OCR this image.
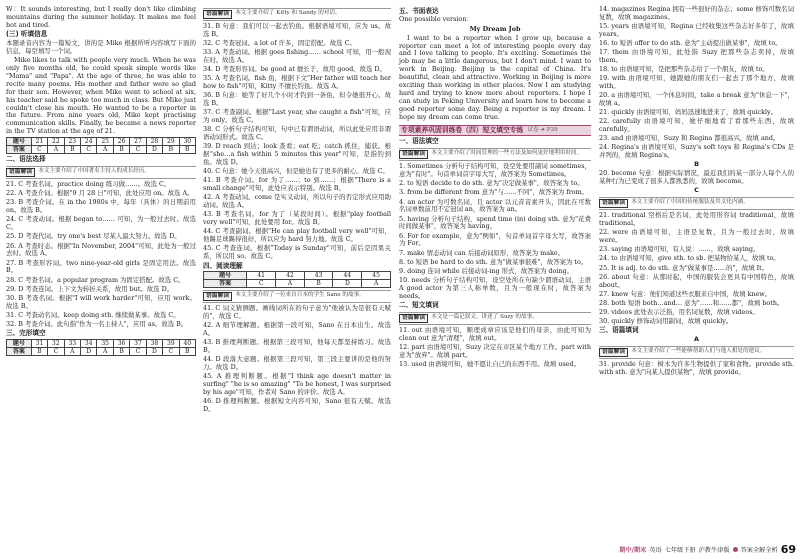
W：It sounds interesting, but I really don't like climbing mountains during the summer holiday. It makes me feel hot and tired.

(三) 听填信息

本题录音内容为一篇短文，讲的是 Mike 根据所听内容填写下面的信息，每空填写一个词。

Mike likes to talk with people very much. When he was only five months old, he could speak simple words like "Mama" and "Papa". At the age of three, he was able to recite many poems. His mother and father were so glad for their son. However, when Mike went to school at six, his teacher said he spoke too much in class. But Mike just couldn't close his mouth. He wanted to be a reporter in the future. From nine years old, Mike kept practising communication skills. Finally, he became a news reporter in the TV station at the age of 21.

题号	21	22	23	24	25	26	27	28	29	30
答案	C	A	B	C	A	B	C	D	B	B
二、语法选择
语篇解读	本文主要介绍了中国著名主持人的成长经历。

21. C 考查名词。practice doing 练习做……。故选 C。

22. A 考查介词。根据"9 月 28 日"可知，此处应用 on。故选 A。

23. B 考查介词。在 in the 1980s 中，每年（具体）的日期前用 on。故选 B。

24. C 考查动词。根据 began to…… 可知，为一般过去时。故选 C。

25. D 考查代词。try one's best 尽某人最大努力。故选 D。

26. A 考查时态。根据"In November, 2004"可知，此处为一般过去时。故选 A。

27. B 考查形容词。two nine-year-old girls 是固定用法。故选 B。

28. C 考查名词。a popular program 为固定搭配。故选 C。

29. D 考查连词。上下文为转折关系，故用 but。故选 D。

30. B 考查名词。根据"I will work harder"可知，应用 work。故选 B。

31. C 考查动名词。keep doing sth. 继续做某事。故选 C。

32. B 考查介词。此句指"作为一名主持人"，应用 as。故选 B。

三、完形填空
题号	31	32	33	34	35	36	37	38	39	40
答案	B	C	A	D	A	B	C	D	C	B
语篇解读	本文主要介绍了 Kitty 和 Sandy 的对话。

31. B 句意：我们可以一起去钓鱼。根据语境可知，应为 us。故选 B。

32. C 考查冠词。a lot of 许多，固定搭配。故选 C。

33. A 考查动词。根据 goes fishing…… school 可知，用一般现在时。故选 A。

34. D 考查形容词。be good at 擅长于，故用 good。故选 D。

35. A 考查名词。fish 鱼，根据下文"Her father will teach her how to fish"可知，Kitty 不擅长钓鱼。故选 A。

36. B 句意：她等了好几个小时才钓到一条鱼，但令她很开心。故选 B。

37. C 考查副词。根据"Last year, she caught a fish"可知，应为 only。故选 C。

38. C 分析句子结构可知，句中已有谓语动词，所以此处应用非谓语动词形式。故选 C。

39. D reach 到达；look 查看；eat 吃；catch 抓住，捕获。根据"she…a fish within 5 minutes this year"可知，是指钓到鱼。故选 D。

40. C 句意：她今天很高兴，但是她也有了更多的耐心。故选 C。

41. B 考查介词。for 为了……；to 到……；根据"There is a small change"可知，此处应表示特别。故选 B。

42. A 考查动词。come 是实义动词，所以句子的否定形式应用助动词。故选 A。

43. B 考查名词。for 为了（某段时间）。根据"play football very well"可知，此处要用 for。故选 B。

44. C 考查副词。根据"He can play football very well"可知，他踢足球踢得很好，所以应为 hard 努力地。故选 C。

45. C 考查连词。根据"Today is Sunday"可知，前后是因果关系，所以用 so。故选 C。

四、阅读理解
题号	41	42	43	44	45
答案	C	A	B	D	A
语篇解读	本文主要介绍了一位来自日本的学生 Sano 的故事。

41. C 词义猜测题。画线词所在的句子意为"他被认为是很有天赋的"，故选 C。

42. A 细节理解题。根据第一段可知，Sano 在日本出生。故选 A。

43. B 推理判断题。根据第三段可知，他每天都坚持练习。故选 B。

44. D 段落大意题。根据第三段可知，第三段主要讲的是他的努力。故选 D。

45. A 推理判断题。根据"I think age doesn't matter in surfing" "he is so amazing" "To be honest, I was surprised by his age"可知，作者对 Sano 的评价。故选 A。

46. D 推理判断题。根据短文内容可知，Sano 很有天赋。故选 D。

五、书面表达

One possible version：

My Dream Job

I want to be a reporter when I grow up, because a reporter can meet a lot of interesting people every day and I love talking to people. It's exciting. Sometimes the job may be a little dangerous, but I don't mind. I want to work in Beijing. Beijing is the capital of China. It's beautiful, clean and attractive. Working in Beijing is more exciting than working in other places. Now I am studying hard and trying to know more about reporters. I hope I can study in Peking University and learn how to become a good reporter some day. Being a reporter is my dream. I hope my dream can come true.

专项素养巩固训练卷（四）短文填空专练 试卷 ➜ P39
一、语法填空
语篇解读	本文主要介绍了时间管理的一些方法及如何更好地利用时间。

1. Sometimes 分析句子结构可知，设空处要用副词 sometimes，意为"有时"。句首单词首字母大写，故答案为 Sometimes。

2. to 短语 decide to do sth. 意为"决定做某事"，故答案为 to。

3. from be different from 意为"与……不同"，故答案为 from。

4. an actor 为可数名词，且 actor 以元音音素开头，因此在可数名词单数前用不定冠词 an，故答案为 an。

5. having 分析句子结构，spend time (in) doing sth. 意为"花费时间做某事"，故答案为 having。

6. For for example，意为"例如"，句首单词首字母大写，故答案为 For。

7. make 情态动词 can 后接动词原形，故答案为 make。

8. to 短语 be hard to do sth. 意为"做某事很难"，故答案为 to。

9. doing 连词 while 后接动词-ing 形式，故答案为 doing。

10. needs 分析句子结构可知，设空处所在句缺少谓语动词，主语 A good actor 为第三人称单数，且为一般现在时，故答案为 needs。

二、短文填词
语篇解读	本文是一篇记叙文，讲述了 Suzy 的故事。

11. out 由语境可知，顺理成章应该是他们的母亲，由此可知为 clean out 意为"清理"，故填 out。

12. part 由语境可知，Suzy 决定在市区某个地方工作。part with 意为"放弃"。故填 part。

13. used 由语境可知，她不愿让自己的东西不用。故填 used。

14. magazines Regina 拥有一些很好的杂志；some 修饰可数名词复数，故填 magazines。

15. years 由语境可知，Regina 已经收集这些杂志好多年了，故填 years。

16. to 短语 offer to do sth. 意为"主动提出做某事"，故填 to。

17. them 由语境可知，此处指 Suzy 把那些杂志卖掉，故填 them。

18. to 由语境可知，是把那些杂志给了一个朋友，故填 to。

19. with 由语境可知，她跟她的朋友们一起去了那个地方，故填 with。

20. a 由语境可知，一个休息时间，take a break 意为"休息一下"，故填 a。

21. quickly 由语境可知，妈妈迅速地进来了，故填 quickly。

22. carefully 由语境可知，她仔细地看了看那些东西，故填 carefully。

23. and 由语境可知，Suzy 和 Regina 都很高兴，故填 and。

24. Regina's 由语境可知，Suzy's soft toys 和 Regina's CDs 是并列的，故填 Regina's。

B

20. become 句意：根据实际情况，最近我们的某一部分人每个人的某种行为已变成了很多人都熟悉的，故填 become。

C

语篇解读	本文主要介绍了中国的传统服装及其文化内涵。

21. traditional 空格后是名词，此处用形容词 traditional，故填 traditional。

22. were 由语境可知，主语是复数，且为一般过去时，故填 were。

23. saying 由语境可知，有人说：……，故填 saying。

24. to 由语境可知，give sth. to sb. 把某物给某人，故填 to。

25. It is adj. to do sth. 意为"做某事是……的"，故填 It。

26. about 句意：从那时起，中国的服装会更具有中国特色，故填 about。

27. knew 句意：他们知道这些衣服来自中国，故填 knew。

28. both 短语 both…and… 意为"……和……都"，故填 both。

29. videos 此处表示泛指，用名词复数，故填 videos。

30. quickly 修饰动词用副词，故填 quickly。

三、语篇填词

A

语篇解读	本文主要介绍了一些能够帮助人们与他人相处的建议。

31. provide 句意：树木为许多生物提供了家和食物。provide sth. with sth. 意为"向某人提供某物"，故填 provide。

期中/期末 英语 七年级下册 沪教牛津版 答案全解全析 69
